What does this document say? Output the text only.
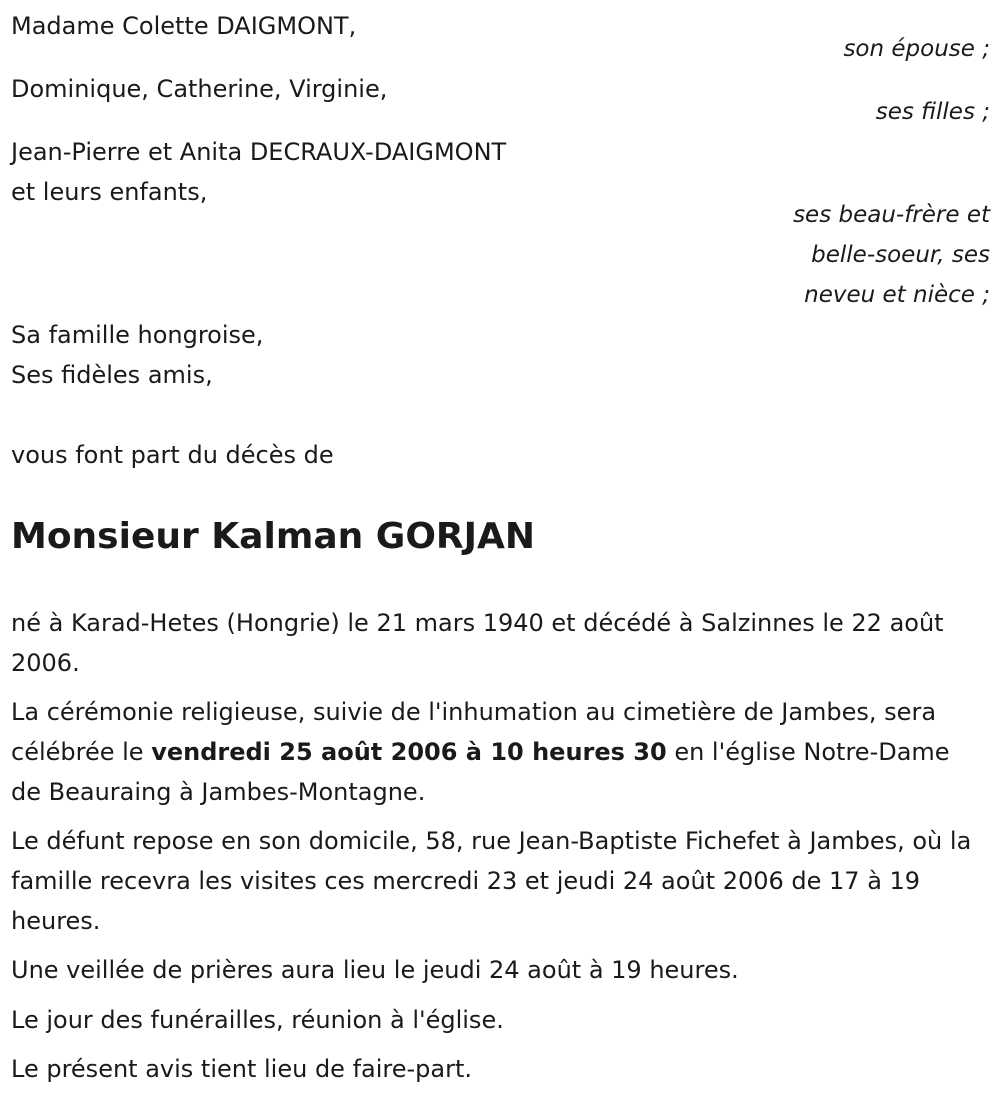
Madame Colette DAIGMONT,
son épouse ;
Dominique, Catherine, Virginie,
ses filles ;
Jean-Pierre et Anita DECRAUX-DAIGMONT
et leurs enfants,
ses beau-frère et
belle-soeur, ses
neveu et nièce ;
Sa famille hongroise,
Ses fidèles amis,
vous font part du décès de
Monsieur Kalman GORJAN
né à Karad-Hetes (Hongrie) le 21 mars 1940 et décédé à Salzinnes le 22 août 2006.
La cérémonie religieuse, suivie de l'inhumation au cimetière de Jambes, sera célébrée le vendredi 25 août 2006 à 10 heures 30 en l'église Notre-Dame de Beauraing à Jambes-Montagne.
Le défunt repose en son domicile, 58, rue Jean-Baptiste Fichefet à Jambes, où la famille recevra les visites ces mercredi 23 et jeudi 24 août 2006 de 17 à 19 heures.
Une veillée de prières aura lieu le jeudi 24 août à 19 heures.
Le jour des funérailles, réunion à l'église.
Le présent avis tient lieu de faire-part.
